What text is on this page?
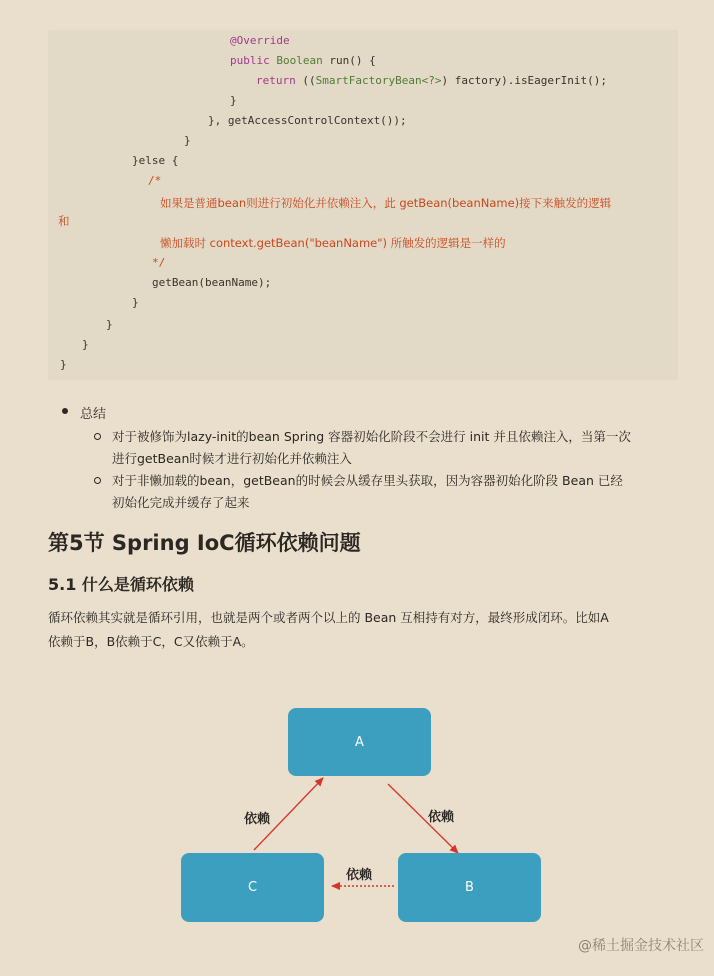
@Override
public Boolean run() {
return ((SmartFactoryBean<?>) factory).isEagerInit();
}
}, getAccessControlContext());
}
}else {
/*
如果是普通bean则进行初始化并依赖注入，此 getBean(beanName)接下来触发的逻辑
和
懒加载时 context.getBean("beanName") 所触发的逻辑是一样的
*/
getBean(beanName);
}
}
}
}
总结
对于被修饰为lazy-init的bean Spring 容器初始化阶段不会进行 init 并且依赖注入，当第一次
进行getBean时候才进行初始化并依赖注入
对于非懒加载的bean，getBean的时候会从缓存里头获取，因为容器初始化阶段 Bean 已经
初始化完成并缓存了起来
第5节 Spring IoC循环依赖问题
5.1 什么是循环依赖
循环依赖其实就是循环引用，也就是两个或者两个以上的 Bean 互相持有对方，最终形成闭环。比如A
依赖于B，B依赖于C，C又依赖于A。
A
C	B
依赖	依赖
依赖
@稀土掘金技术社区
